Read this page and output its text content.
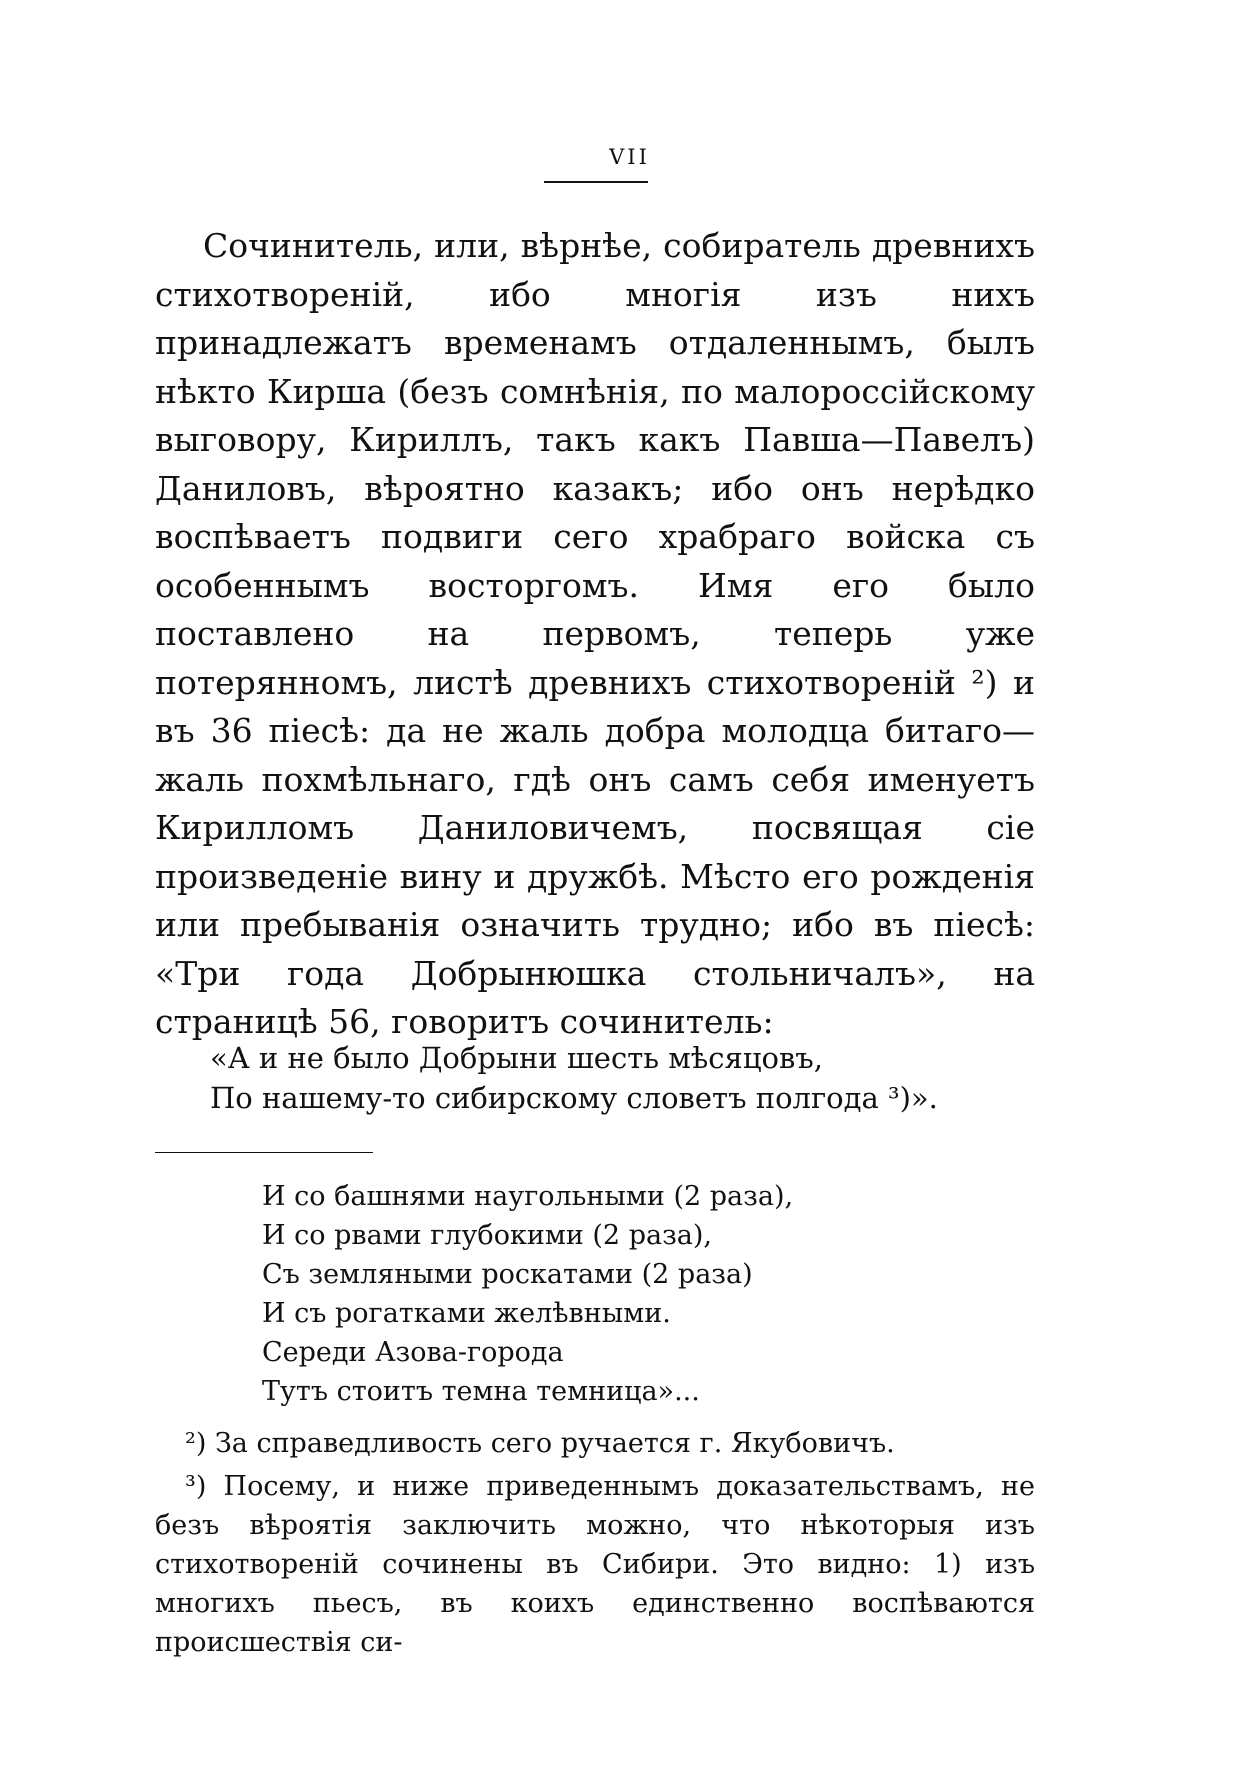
VII
Сочинитель, или, вѣрнѣе, собиратель древнихъ стихотвореній, ибо многія изъ нихъ принадлежатъ временамъ отдаленнымъ, былъ нѣкто Кирша (безъ сомнѣнія, по малороссійскому выговору, Кириллъ, такъ какъ Павша—Павелъ) Даниловъ, вѣроятно казакъ; ибо онъ нерѣдко воспѣваетъ подвиги сего храбраго войска съ особеннымъ восторгомъ. Имя его было поставлено на первомъ, теперь уже потерянномъ, листѣ древнихъ стихотвореній ²) и въ 36 піесѣ: да не жаль добра молодца битаго— жаль похмѣльнаго, гдѣ онъ самъ себя именуетъ Кирилломъ Даниловичемъ, посвящая сіе произведеніе вину и дружбѣ. Мѣсто его рожденія или пребыванія означить трудно; ибо въ піесѣ: «Три года Добрынюшка стольничалъ», на страницѣ 56, говоритъ сочинитель:

«А и не было Добрыни шесть мѣсяцовъ,

По нашему-то сибирскому словетъ полгода ³)».

И со башнями наугольными (2 раза),

И со рвами глубокими (2 раза),

Съ земляными роскатами (2 раза)

И съ рогатками желѣвными.

Середи Азова-города

Тутъ стоитъ темна темница»...

²) За справедливость сего ручается г. Якубовичъ.
³) Посему, и ниже приведеннымъ доказательствамъ, не безъ вѣроятія заключить можно, что нѣкоторыя изъ стихотвореній сочинены въ Сибири. Это видно: 1) изъ многихъ пьесъ, въ коихъ единственно воспѣваются происшествія си-
